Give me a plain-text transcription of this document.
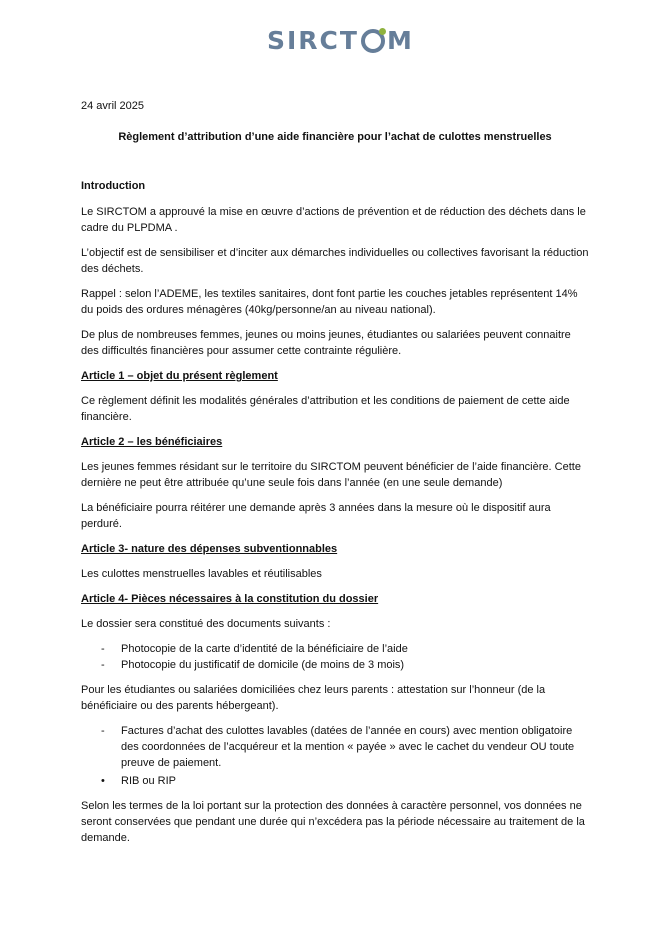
SIRCT M

24 avril 2025

Règlement d’attribution d’une aide financière pour l’achat de culottes menstruelles

Introduction

Le SIRCTOM a approuvé la mise en œuvre d’actions de prévention et de réduction des déchets dans le cadre du PLPDMA .

L’objectif est de sensibiliser et d’inciter aux démarches individuelles ou collectives favorisant la réduction des déchets.

Rappel : selon l’ADEME, les textiles sanitaires, dont font partie les couches jetables représentent 14% du poids des ordures ménagères (40kg/personne/an au niveau national).

De plus de nombreuses femmes, jeunes ou moins jeunes, étudiantes ou salariées peuvent connaitre des difficultés financières pour assumer cette contrainte régulière.

Article 1 – objet du présent règlement

Ce règlement définit les modalités générales d’attribution et les conditions de paiement de cette aide financière.

Article 2 – les bénéficiaires

Les jeunes femmes résidant sur le territoire du SIRCTOM peuvent bénéficier de l’aide financière. Cette dernière ne peut être attribuée qu’une seule fois dans l’année (en une seule demande)

La bénéficiaire pourra réitérer une demande après 3 années dans la mesure où le dispositif aura perduré.

Article 3- nature des dépenses subventionnables

Les culottes menstruelles lavables et réutilisables

Article 4- Pièces nécessaires à la constitution du dossier

Le dossier sera constitué des documents suivants :

- Photocopie de la carte d’identité de la bénéficiaire de l’aide
- Photocopie du justificatif de domicile (de moins de 3 mois)

Pour les étudiantes ou salariées domiciliées chez leurs parents : attestation sur l’honneur (de la bénéficiaire ou des parents hébergeant).

- Factures d’achat des culottes lavables (datées de l’année en cours) avec mention obligatoire des coordonnées de l’acquéreur et la mention « payée » avec le cachet du vendeur OU toute preuve de paiement.
• RIB ou RIP

Selon les termes de la loi portant sur la protection des données à caractère personnel, vos données ne seront conservées que pendant une durée qui n’excédera pas la période nécessaire au traitement de la demande.
